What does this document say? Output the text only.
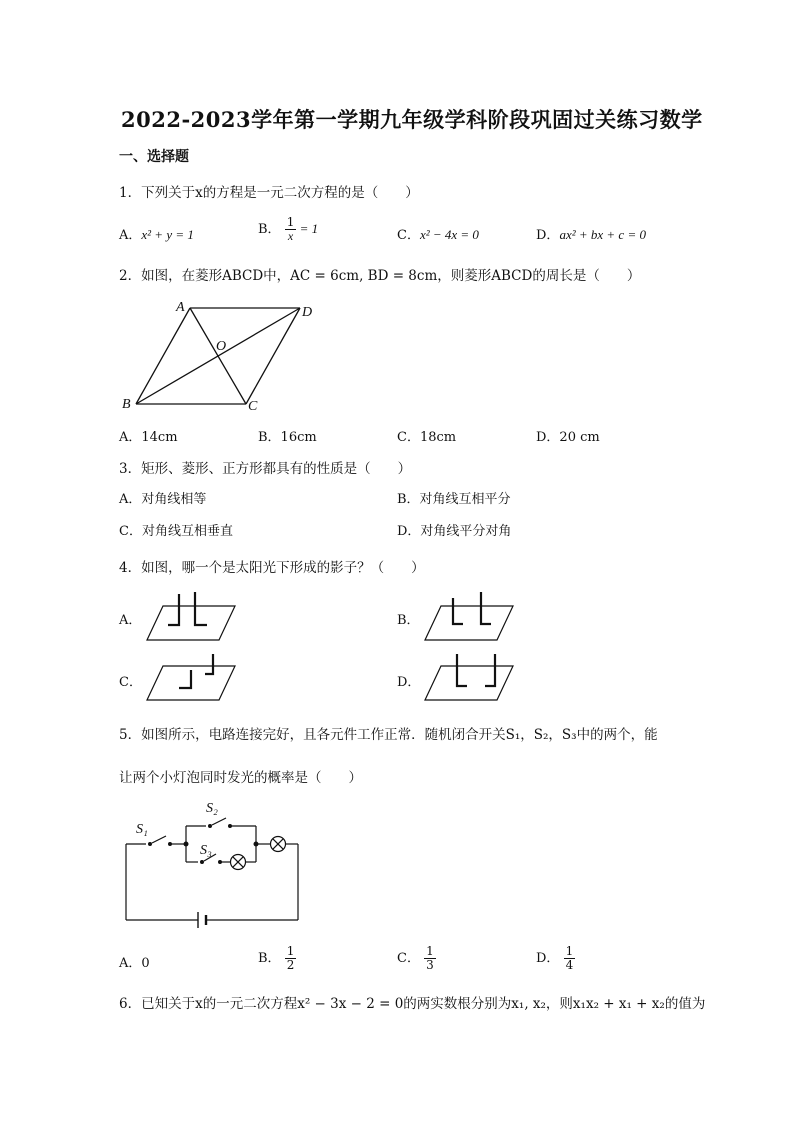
2022-2023学年第一学期九年级学科阶段巩固过关练习数学
一、选择题
1．下列关于x的方程是一元二次方程的是（　　）
A．x² + y = 1	B． $\frac{1}{x} = 1$	C．x² − 4x = 0	D．ax² + bx + c = 0
2．如图，在菱形ABCD中，AC = 6cm, BD = 8cm，则菱形ABCD的周长是（　　）
A	D
O
B	C
A．14cm	B．16cm	C．18cm	D．20 cm
3．矩形、菱形、正方形都具有的性质是（　　）
A．对角线相等	B．对角线互相平分
C．对角线互相垂直	D．对角线平分对角
4．如图，哪一个是太阳光下形成的影子？（　　）
A．	B．
C．	D．
5．如图所示，电路连接完好，且各元件工作正常．随机闭合开关S₁，S₂，S₃中的两个，能
让两个小灯泡同时发光的概率是（　　）
S₁
S₂
S₃
A．0	B． $\frac{1}{2}$	C． $\frac{1}{3}$	D． $\frac{1}{4}$
6．已知关于x的一元二次方程x² − 3x − 2 = 0的两实数根分别为x₁, x₂，则x₁x₂ + x₁ + x₂的值为
